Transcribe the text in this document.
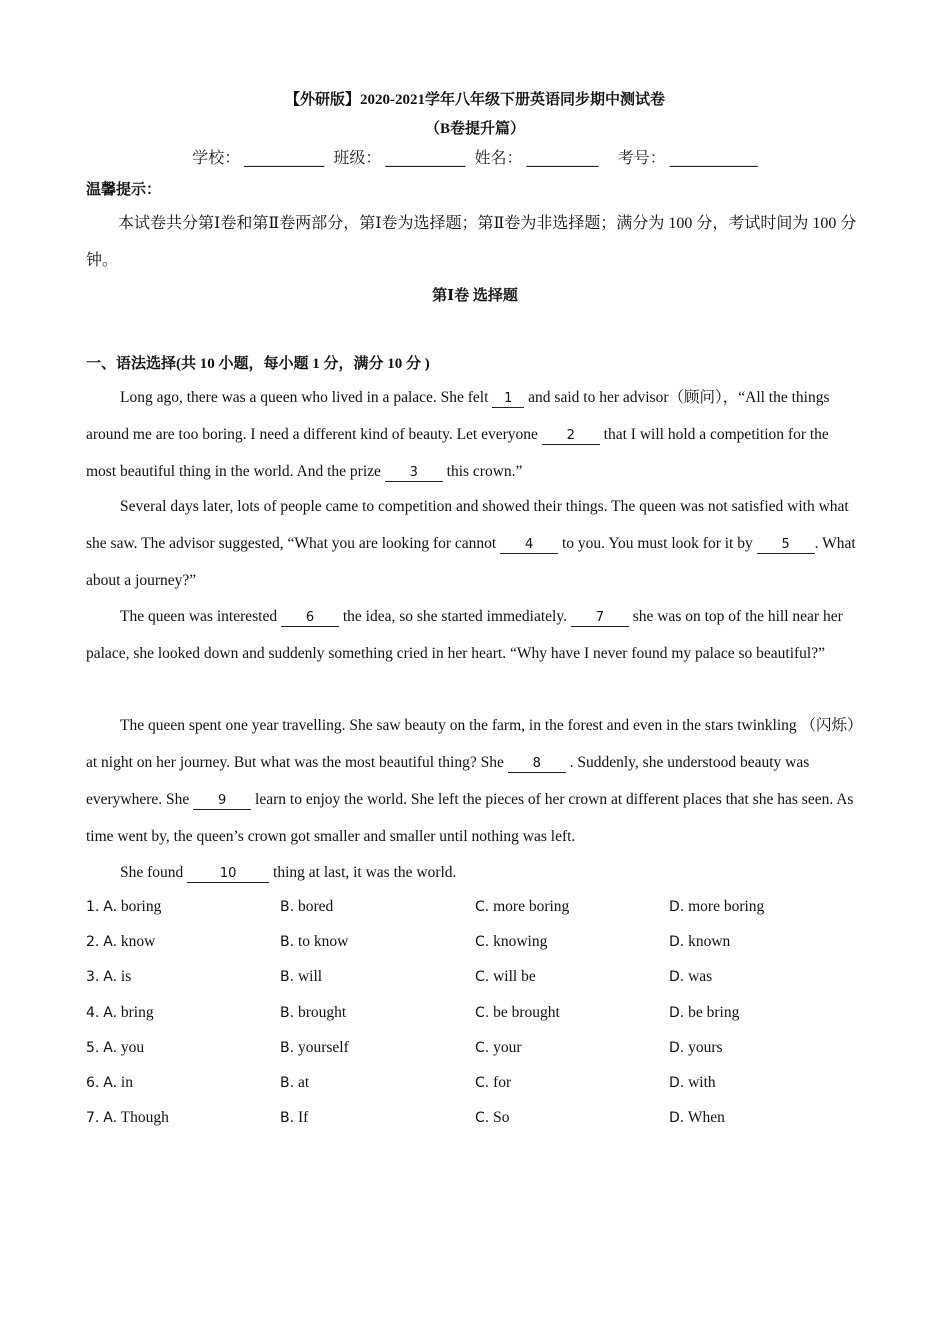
【外研版】2020-2021学年八年级下册英语同步期中测试卷
（B卷提升篇）
学校： __________ 班级： __________ 姓名： _________ 考号： ___________
温馨提示：
本试卷共分第Ⅰ卷和第Ⅱ卷两部分，第Ⅰ卷为选择题；第Ⅱ卷为非选择题；满分为 100 分，考试时间为 100 分钟。
第Ⅰ卷 选择题
一、语法选择(共 10 小题，每小题 1 分，满分 10 分 )
Long ago, there was a queen who lived in a palace. She felt 1 and said to her advisor（顾问），“All the things around me are too boring. I need a different kind of beauty. Let everyone 2 that I will hold a competition for the most beautiful thing in the world. And the prize 3 this crown.”
Several days later, lots of people came to competition and showed their things. The queen was not satisfied with what she saw. The advisor suggested, “What you are looking for cannot 4 to you. You must look for it by 5 . What about a journey?”
The queen was interested 6 the idea, so she started immediately. 7 she was on top of the hill near her palace, she looked down and suddenly something cried in her heart. “Why have I never found my palace so beautiful?”
The queen spent one year travelling. She saw beauty on the farm, in the forest and even in the stars twinkling （闪烁）at night on her journey. But what was the most beautiful thing? She 8 . Suddenly, she understood beauty was everywhere. She 9 learn to enjoy the world. She left the pieces of her crown at different places that she has seen. As time went by, the queen’s crown got smaller and smaller until nothing was left.
She found	10 thing at last, it was the world.
1. A. boring	B. bored	C. more boring	D. more boring
2. A. know	B. to know	C. knowing	D. known
3. A. is	B. will	C. will be	D. was
4. A. bring	B. brought	C. be brought	D. be bring
5. A. you	B. yourself	C. your	D. yours
6. A. in	B. at	C. for	D. with
7. A. Though	B. If	C. So	D. When
